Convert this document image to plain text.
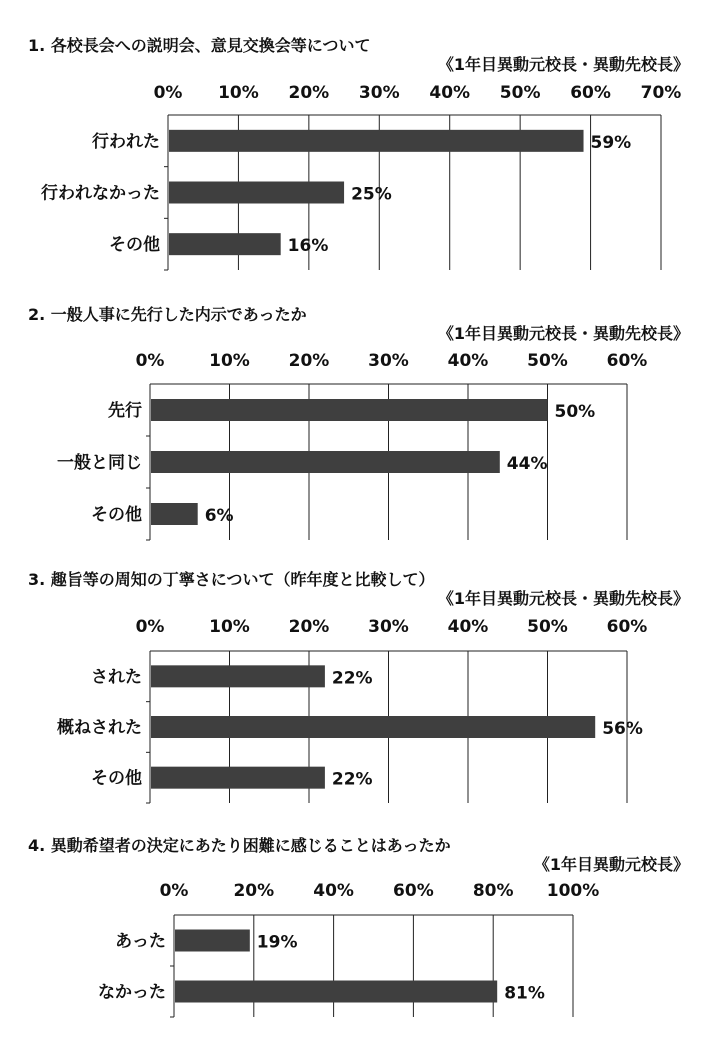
1. 各校長会への説明会、意見交換会等について
《1年目異動元校長・異動先校長》
0% 10% 20% 30% 40% 50% 60% 70%
行われた	59%
行われなかった	25%
その他	16%
2. 一般人事に先行した内示であったか
《1年目異動元校長・異動先校長》
0%	10% 20% 30% 40% 50% 60%
先行	50%
一般と同じ	44%
その他	6%
3. 趣旨等の周知の丁寧さについて（昨年度と比較して）
《1年目異動元校長・異動先校長》
0%	10% 20% 30% 40% 50% 60%
された	22%
概ねされた	56%
その他	22%
4. 異動希望者の決定にあたり困難に感じることはあったか
《1年目異動元校長》
0%	20% 40% 60% 80% 100%
あった	19%
なかった	81%
